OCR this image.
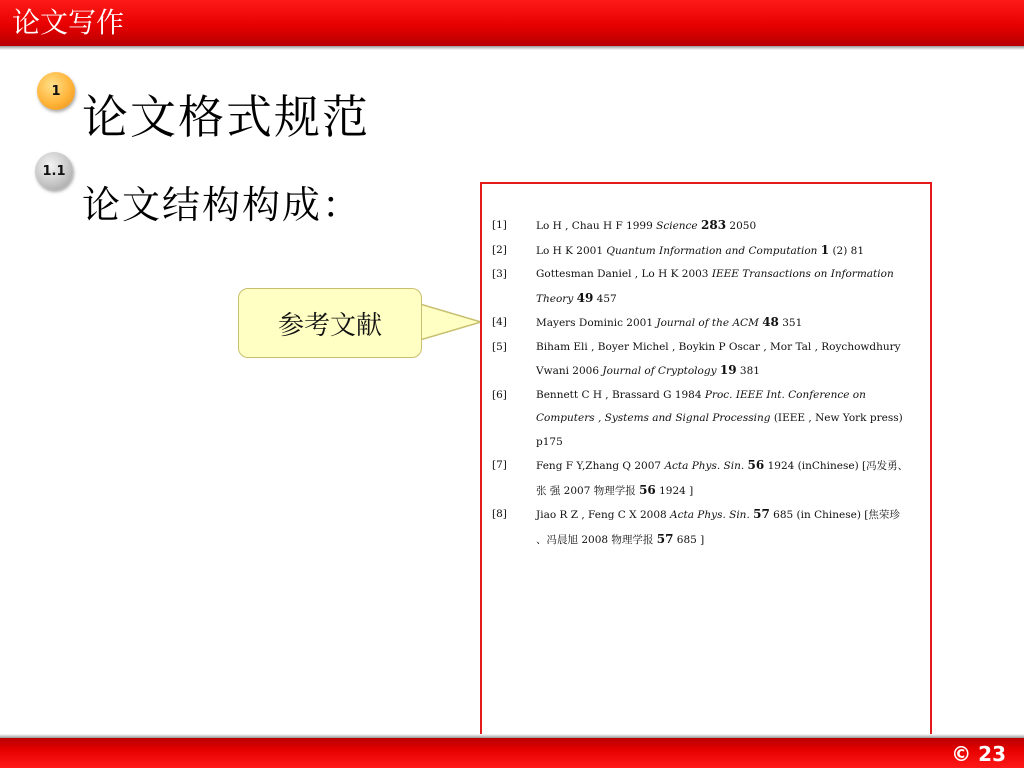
论文写作
1 论文格式规范
1.1
论文结构构成：
参考文献
[1]	Lo H , Chau H F 1999 Science 283 2050
[2]	Lo H K 2001 Quantum Information and Computation 1 (2) 81
[3]	Gottesman Daniel , Lo H K 2003 IEEE Transactions on Information Theory 49 457
[4]	Mayers Dominic 2001 Journal of the ACM 48 351
[5]	Biham Eli , Boyer Michel , Boykin P Oscar , Mor Tal , Roychowdhury Vwani 2006 Journal of Cryptology 19 381
[6]	Bennett C H , Brassard G 1984 Proc. IEEE Int. Conference on Computers , Systems and Signal Processing (IEEE , New York press) p175
[7]	Feng F Y,Zhang Q 2007 Acta Phys. Sin. 56 1924 (inChinese) [冯发勇、张 强 2007 物理学报 56 1924 ]
[8]	Jiao R Z , Feng C X 2008 Acta Phys. Sin. 57 685 (in Chinese) [焦荣珍 、冯晨旭 2008 物理学报 57 685 ]
© 23
